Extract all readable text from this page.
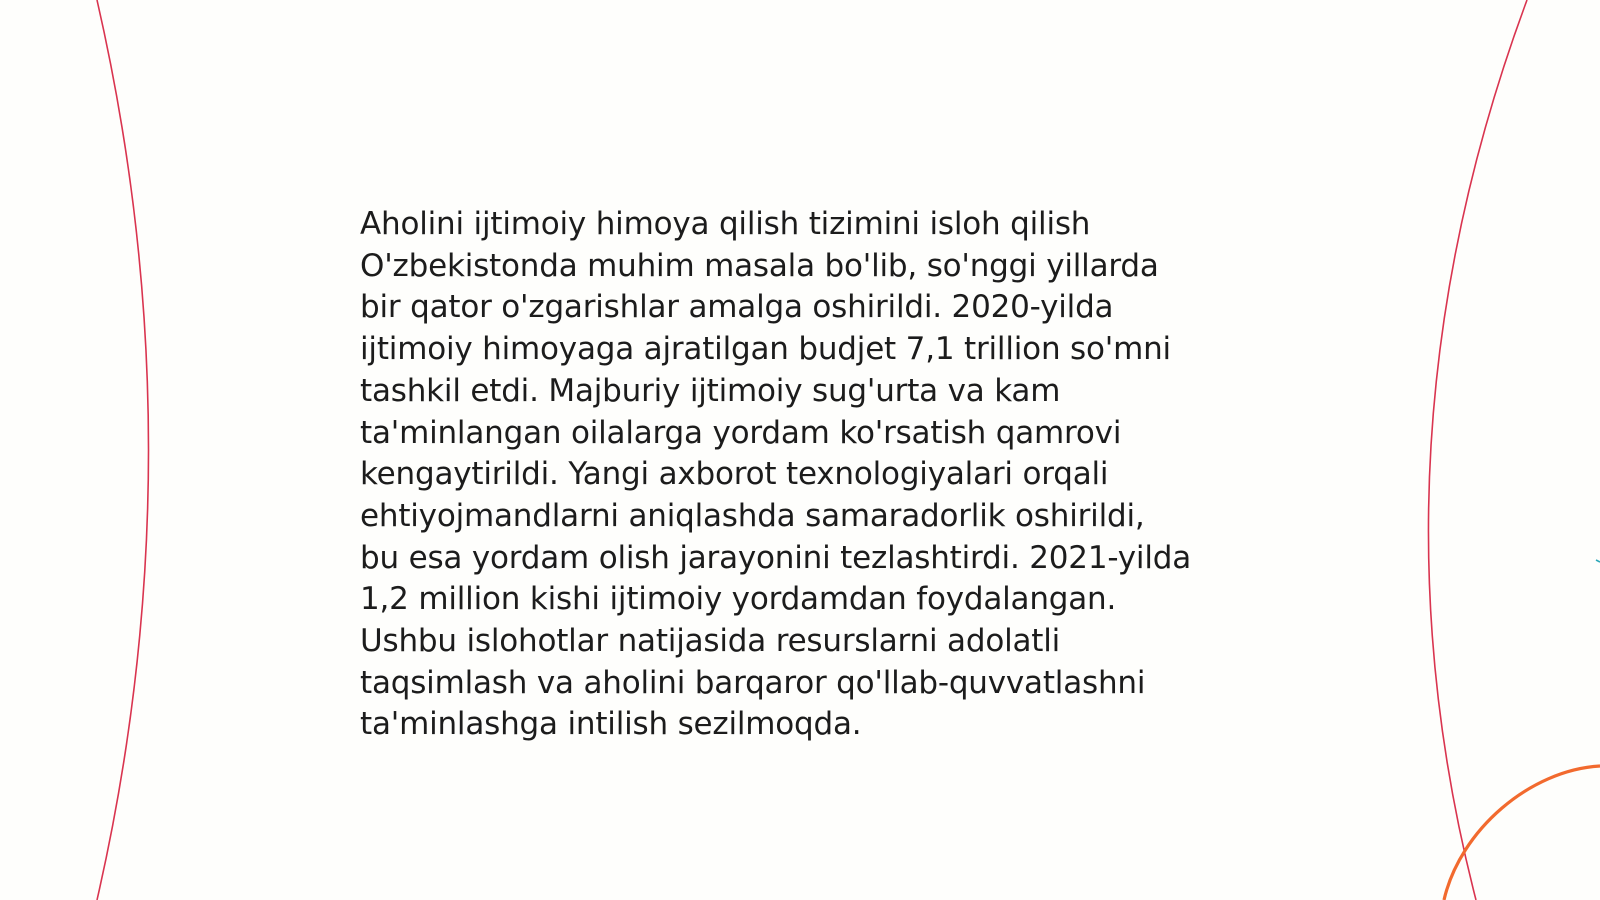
Aholini ijtimoiy himoya qilish tizimini isloh qilish
O'zbekistonda muhim masala bo'lib, so'nggi yillarda
bir qator o'zgarishlar amalga oshirildi. 2020-yilda
ijtimoiy himoyaga ajratilgan budjet 7,1 trillion so'mni
tashkil etdi. Majburiy ijtimoiy sug'urta va kam
ta'minlangan oilalarga yordam ko'rsatish qamrovi
kengaytirildi. Yangi axborot texnologiyalari orqali
ehtiyojmandlarni aniqlashda samaradorlik oshirildi,
bu esa yordam olish jarayonini tezlashtirdi. 2021-yilda
1,2 million kishi ijtimoiy yordamdan foydalangan.
Ushbu islohotlar natijasida resurslarni adolatli
taqsimlash va aholini barqaror qo'llab-quvvatlashni
ta'minlashga intilish sezilmoqda.
